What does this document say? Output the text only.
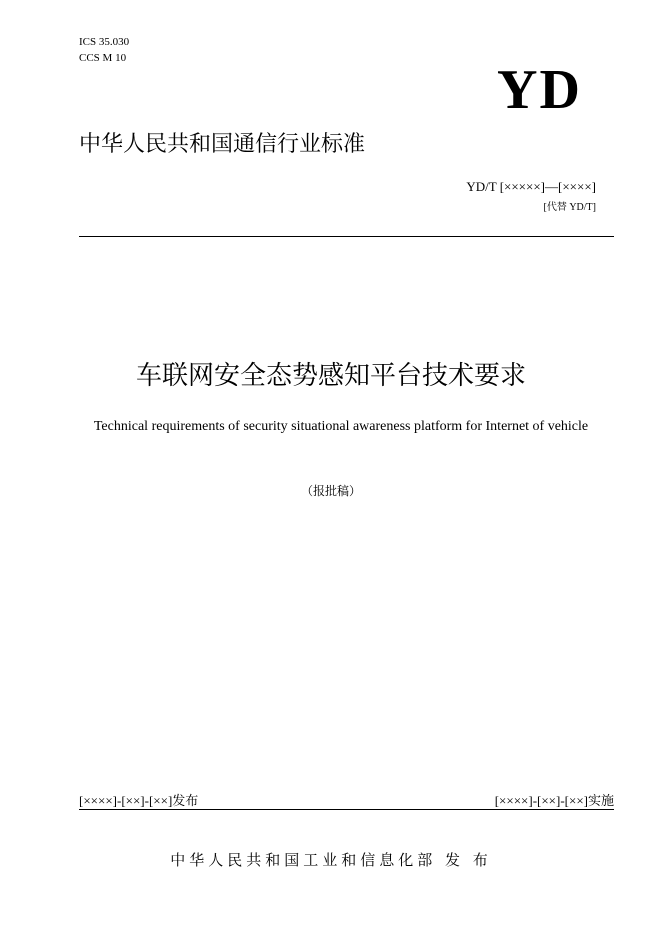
ICS 35.030
CCS M 10
YD
中华人民共和国通信行业标准
YD/T [×××××]—[××××]
[代替 YD/T]
车联网安全态势感知平台技术要求
Technical requirements of security situational awareness platform for Internet of vehicle
（报批稿）
[××××]-[××]-[××]发布	[××××]-[××]-[××]实施
中华人民共和国工业和信息化部 发 布
